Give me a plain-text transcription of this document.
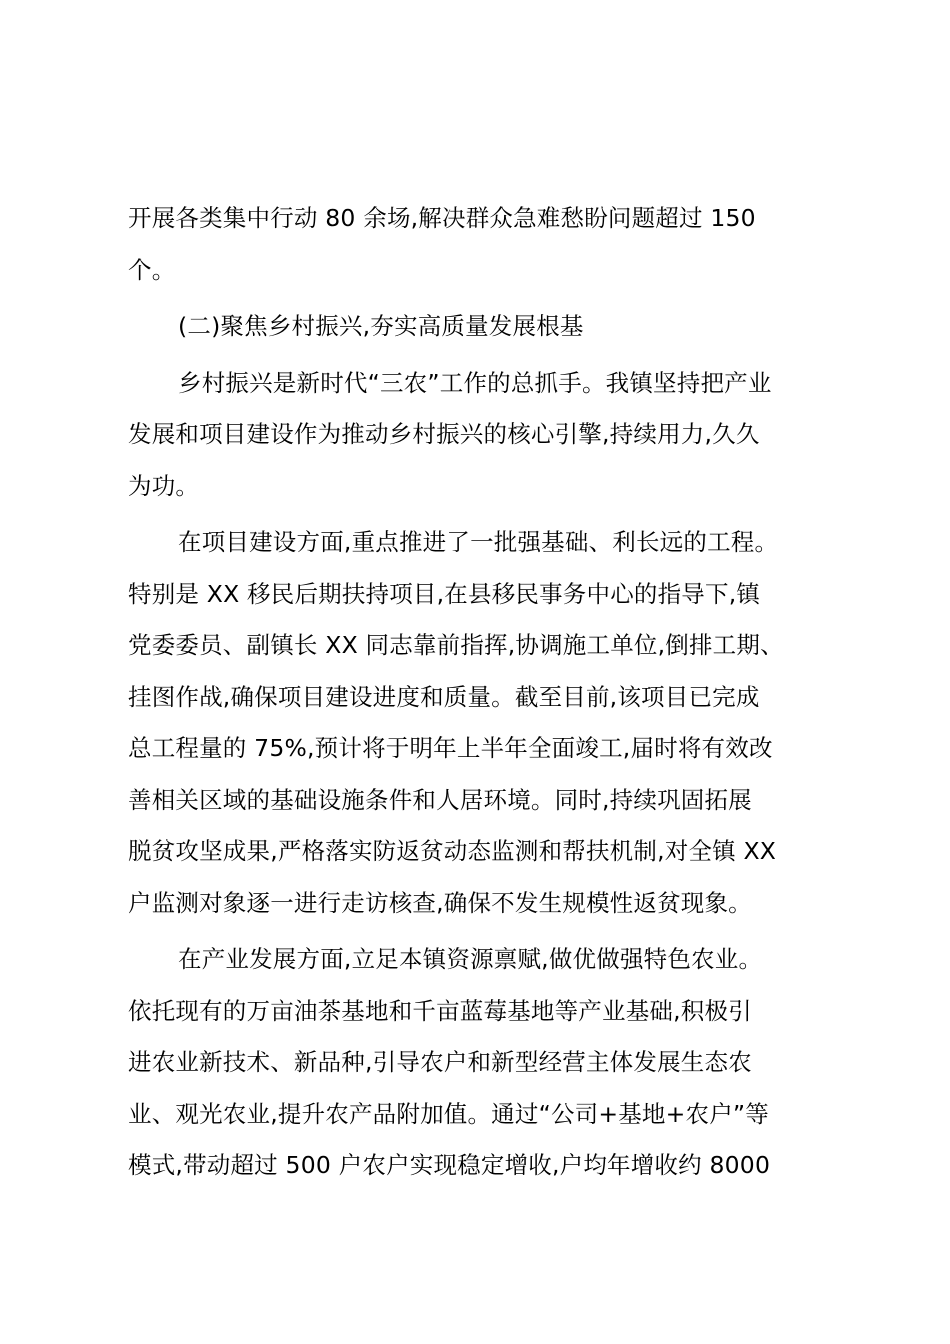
开展各类集中行动 80 余场,解决群众急难愁盼问题超过 150
个。

(二)聚焦乡村振兴,夯实高质量发展根基

乡村振兴是新时代“三农”工作的总抓手。我镇坚持把产业
发展和项目建设作为推动乡村振兴的核心引擎,持续用力,久久
为功。

在项目建设方面,重点推进了一批强基础、利长远的工程。
特别是 XX 移民后期扶持项目,在县移民事务中心的指导下,镇
党委委员、副镇长 XX 同志靠前指挥,协调施工单位,倒排工期、
挂图作战,确保项目建设进度和质量。截至目前,该项目已完成
总工程量的 75%,预计将于明年上半年全面竣工,届时将有效改
善相关区域的基础设施条件和人居环境。同时,持续巩固拓展
脱贫攻坚成果,严格落实防返贫动态监测和帮扶机制,对全镇 XX
户监测对象逐一进行走访核查,确保不发生规模性返贫现象。

在产业发展方面,立足本镇资源禀赋,做优做强特色农业。
依托现有的万亩油茶基地和千亩蓝莓基地等产业基础,积极引
进农业新技术、新品种,引导农户和新型经营主体发展生态农
业、观光农业,提升农产品附加值。通过“公司+基地+农户”等
模式,带动超过 500 户农户实现稳定增收,户均年增收约 8000
